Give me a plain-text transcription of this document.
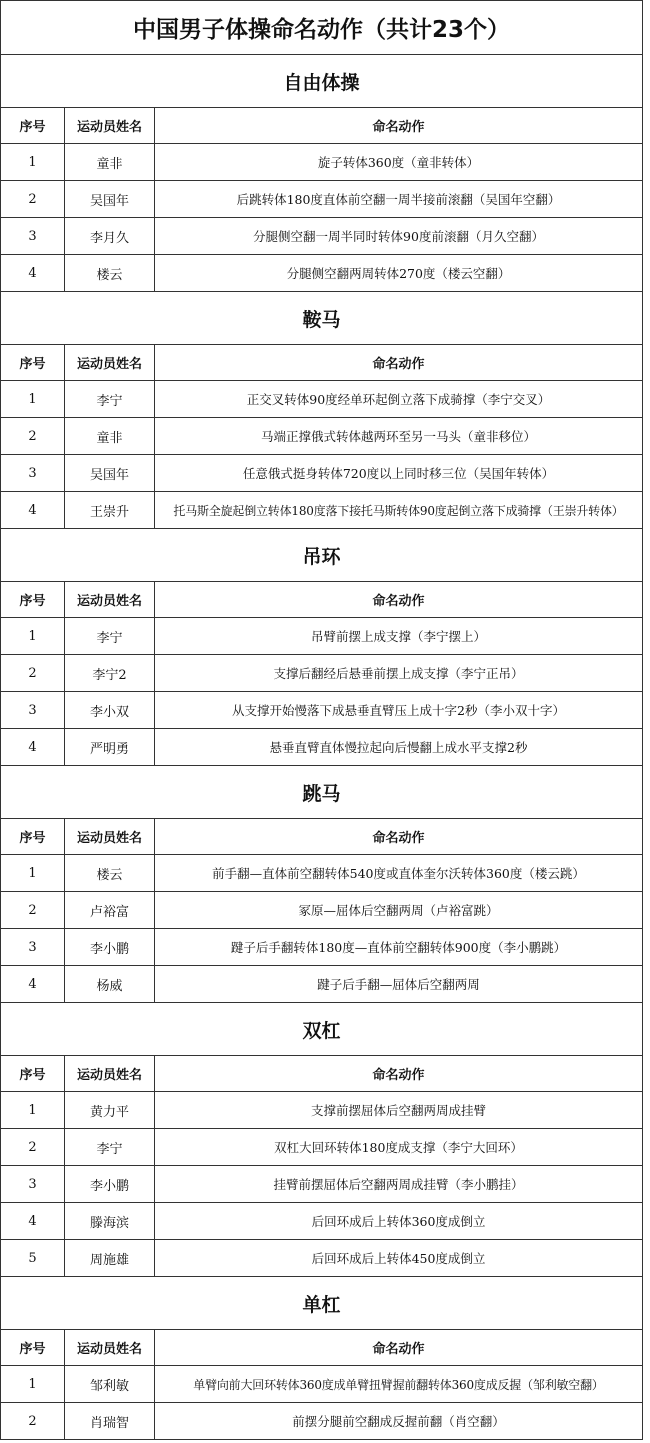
中国男子体操命名动作（共计23个）
自由体操
序号	运动员姓名	命名动作
1	童非	旋子转体360度（童非转体）
2	吴国年	后跳转体180度直体前空翻一周半接前滚翻（吴国年空翻）
3	李月久	分腿侧空翻一周半同时转体90度前滚翻（月久空翻）
4	楼云	分腿侧空翻两周转体270度（楼云空翻）
鞍马
序号	运动员姓名	命名动作
1	李宁	正交叉转体90度经单环起倒立落下成骑撑（李宁交叉）
2	童非	马端正撑俄式转体越两环至另一马头（童非移位）
3	吴国年	任意俄式挺身转体720度以上同时移三位（吴国年转体）
4	王崇升	托马斯全旋起倒立转体180度落下接托马斯转体90度起倒立落下成骑撑（王崇升转体）
吊环
序号	运动员姓名	命名动作
1	李宁	吊臂前摆上成支撑（李宁摆上）
2	李宁2	支撑后翻经后悬垂前摆上成支撑（李宁正吊）
3	李小双	从支撑开始慢落下成悬垂直臂压上成十字2秒（李小双十字）
4	严明勇	悬垂直臂直体慢拉起向后慢翻上成水平支撑2秒
跳马
序号	运动员姓名	命名动作
1	楼云	前手翻—直体前空翻转体540度或直体奎尔沃转体360度（楼云跳）
2	卢裕富	冢原—屈体后空翻两周（卢裕富跳）
3	李小鹏	踺子后手翻转体180度—直体前空翻转体900度（李小鹏跳）
4	杨威	踺子后手翻—屈体后空翻两周
双杠
序号	运动员姓名	命名动作
1	黄力平	支撑前摆屈体后空翻两周成挂臂
2	李宁	双杠大回环转体180度成支撑（李宁大回环）
3	李小鹏	挂臂前摆屈体后空翻两周成挂臂（李小鹏挂）
4	滕海滨	后回环成后上转体360度成倒立
5	周施雄	后回环成后上转体450度成倒立
单杠
序号	运动员姓名	命名动作
1	邹利敏	单臂向前大回环转体360度成单臂扭臂握前翻转体360度成反握（邹利敏空翻）
2	肖瑞智	前摆分腿前空翻成反握前翻（肖空翻）
